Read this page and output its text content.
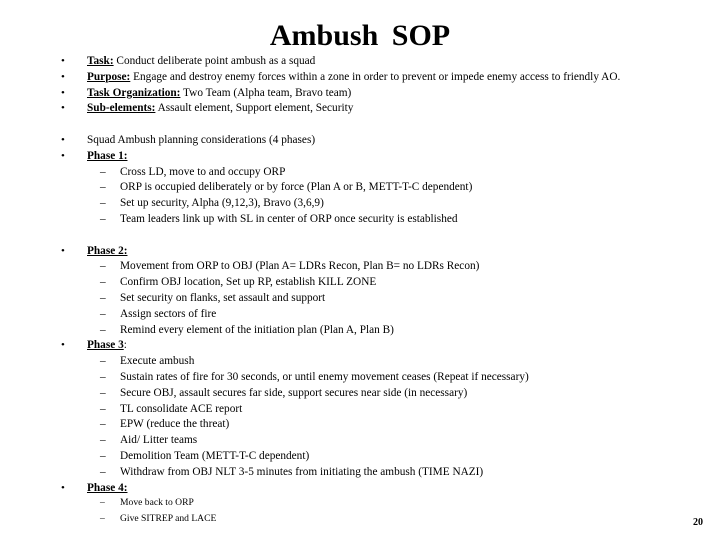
Ambush SOP
• Task: Conduct deliberate point ambush as a squad
• Purpose: Engage and destroy enemy forces within a zone in order to prevent or impede enemy access to friendly AO.
• Task Organization: Two Team (Alpha team, Bravo team)
• Sub-elements: Assault element, Support element, Security
• Squad Ambush planning considerations (4 phases)
• Phase 1:
– Cross LD, move to and occupy ORP
– ORP is occupied deliberately or by force (Plan A or B, METT-T-C dependent)
– Set up security, Alpha (9,12,3), Bravo (3,6,9)
– Team leaders link up with SL in center of ORP once security is established
• Phase 2:
– Movement from ORP to OBJ (Plan A= LDRs Recon, Plan B= no LDRs Recon)
– Confirm OBJ location, Set up RP, establish KILL ZONE
– Set security on flanks, set assault and support
– Assign sectors of fire
– Remind every element of the initiation plan (Plan A, Plan B)
• Phase 3:
– Execute ambush
– Sustain rates of fire for 30 seconds, or until enemy movement ceases (Repeat if necessary)
– Secure OBJ, assault secures far side, support secures near side (in necessary)
– TL consolidate ACE report
– EPW (reduce the threat)
– Aid/ Litter teams
– Demolition Team (METT-T-C dependent)
– Withdraw from OBJ NLT 3-5 minutes from initiating the ambush (TIME NAZI)
• Phase 4:
– Move back to ORP
– Give SITREP and LACE	20
